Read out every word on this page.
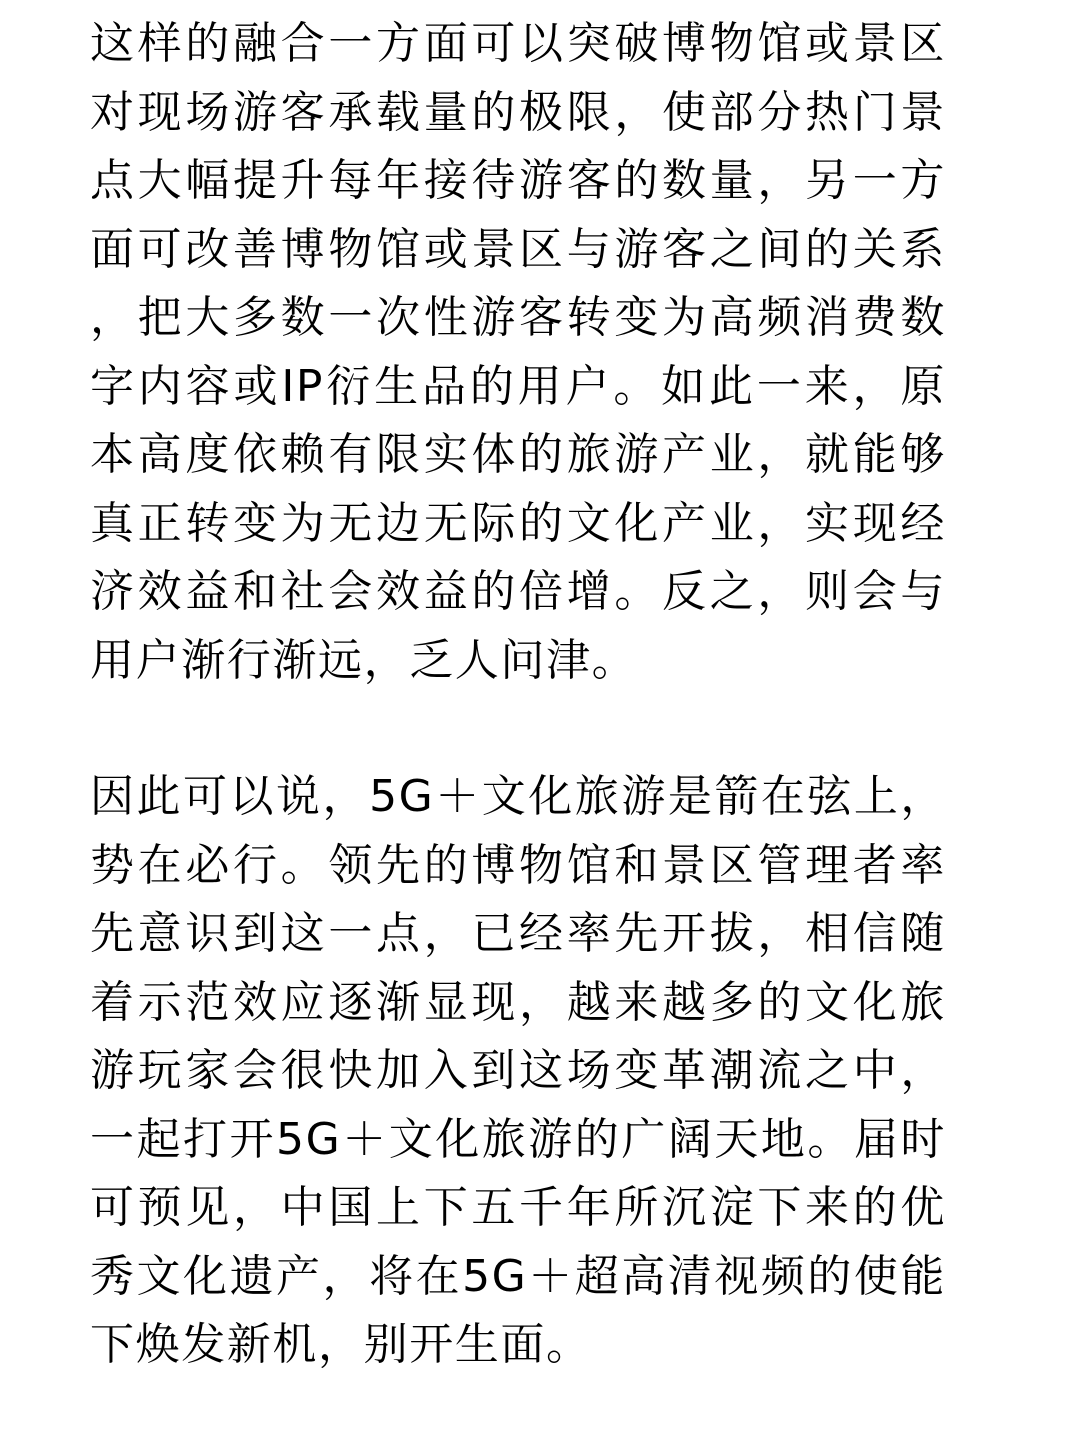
这样的融合一方面可以突破博物馆或景区对现场游客承载量的极限，使部分热门景点大幅提升每年接待游客的数量，另一方面可改善博物馆或景区与游客之间的关系，把大多数一次性游客转变为高频消费数字内容或IP衍生品的用户。如此一来，原本高度依赖有限实体的旅游产业，就能够真正转变为无边无际的文化产业，实现经济效益和社会效益的倍增。反之，则会与用户渐行渐远，乏人问津。

因此可以说，5G＋文化旅游是箭在弦上，势在必行。领先的博物馆和景区管理者率先意识到这一点，已经率先开拔，相信随着示范效应逐渐显现，越来越多的文化旅游玩家会很快加入到这场变革潮流之中，一起打开5G＋文化旅游的广阔天地。届时可预见，中国上下五千年所沉淀下来的优秀文化遗产，将在5G＋超高清视频的使能下焕发新机，别开生面。
